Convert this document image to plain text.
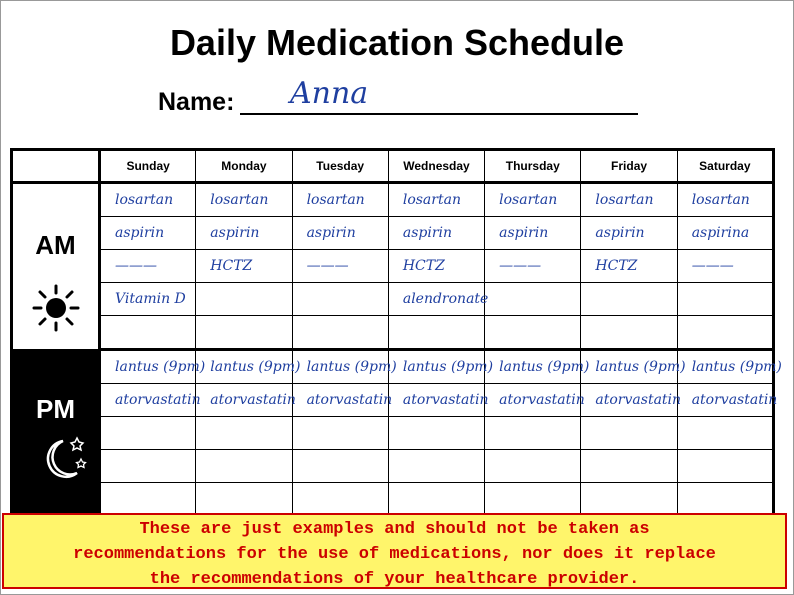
Daily Medication Schedule
Name: Anna
	Sunday	Monday	Tuesday	Wednesday	Thursday	Friday	Saturday

AM	losartan	losartan	losartan	losartan	losartan	losartan	losartan
	aspirin	aspirin	aspirin	aspirin	aspirin	aspirin	aspirina
	———	HCTZ	———	HCTZ	———	HCTZ	———
	Vitamin D			alendronate			

PM	lantus (9pm)	lantus (9pm)	lantus (9pm)	lantus (9pm)	lantus (9pm)	lantus (9pm)	lantus (9pm)
	atorvastatin	atorvastatin	atorvastatin	atorvastatin	atorvastatin	atorvastatin	atorvastatin

These are just examples and should not be taken as
recommendations for the use of medications, nor does it replace
the recommendations of your healthcare provider.
